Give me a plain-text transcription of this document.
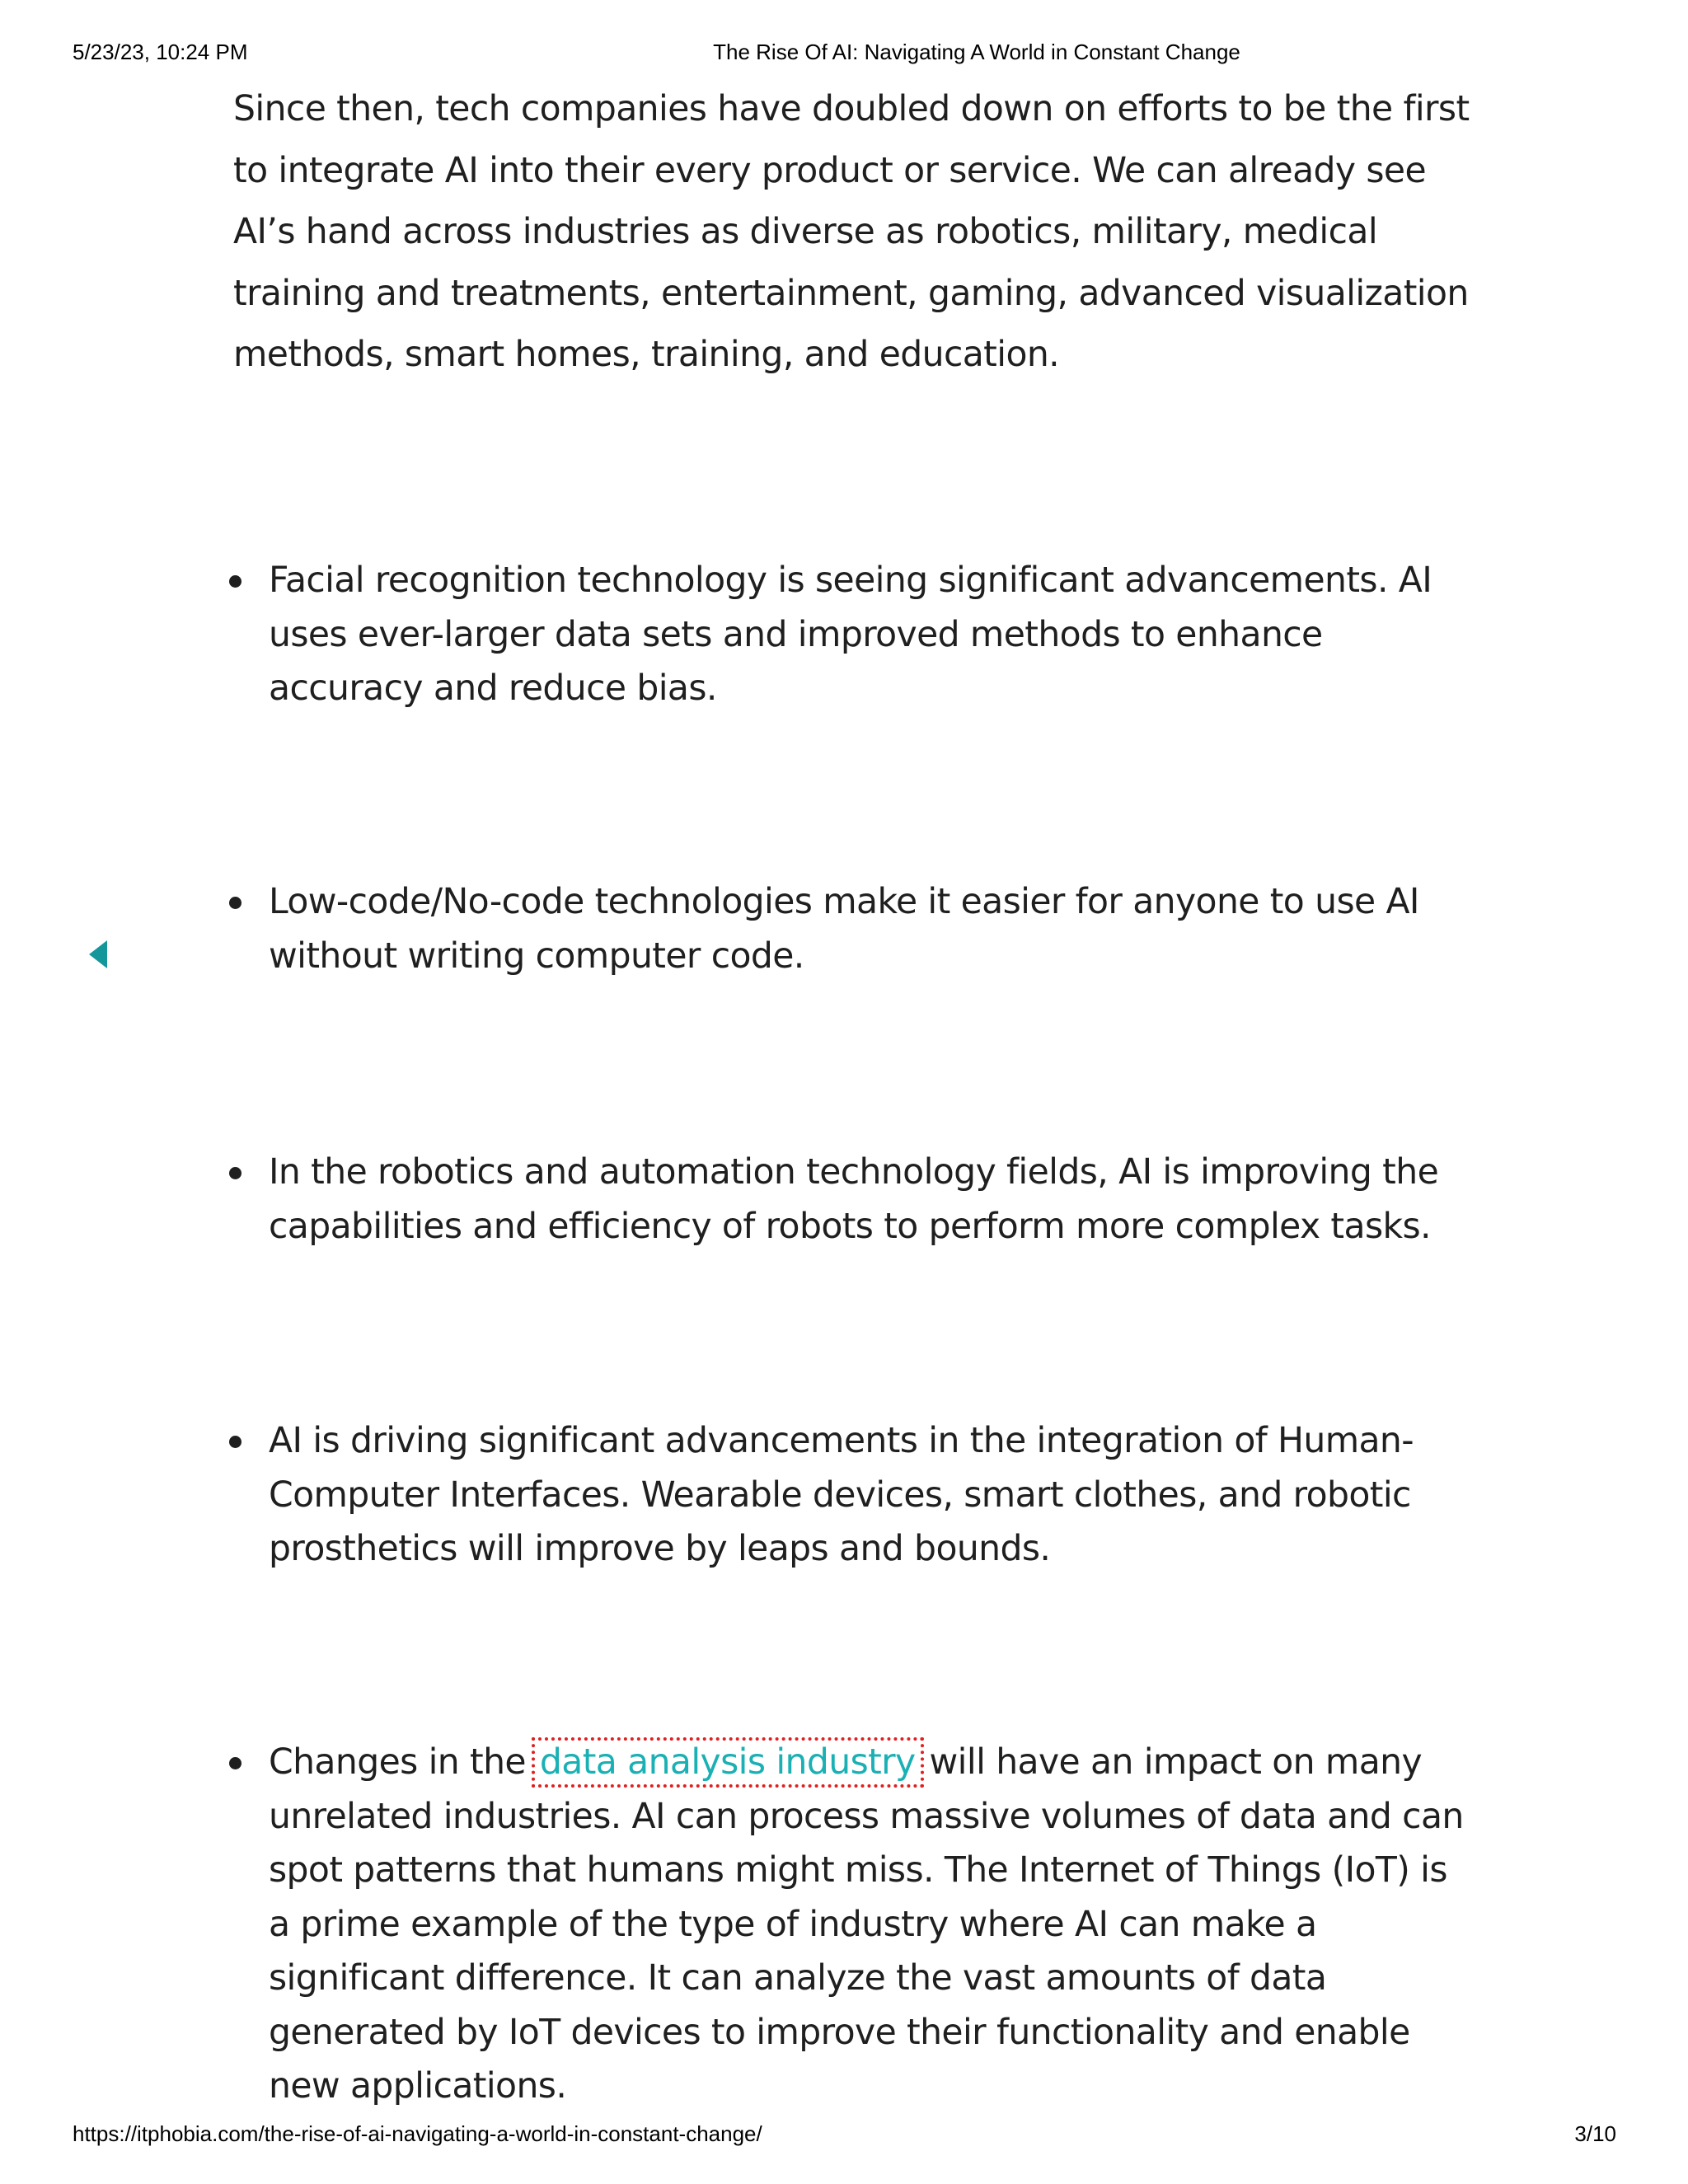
5/23/23, 10:24 PM	The Rise Of AI: Navigating A World in Constant Change

Since then, tech companies have doubled down on efforts to be the first to integrate AI into their every product or service. We can already see AI’s hand across industries as diverse as robotics, military, medical training and treatments, entertainment, gaming, advanced visualization methods, smart homes, training, and education.

Facial recognition technology is seeing significant advancements. AI uses ever-larger data sets and improved methods to enhance accuracy and reduce bias.
Low-code/No-code technologies make it easier for anyone to use AI without writing computer code.
In the robotics and automation technology fields, AI is improving the capabilities and efficiency of robots to perform more complex tasks.
AI is driving significant advancements in the integration of Human-Computer Interfaces. Wearable devices, smart clothes, and robotic prosthetics will improve by leaps and bounds.
Changes in the data analysis industry will have an impact on many unrelated industries. AI can process massive volumes of data and can spot patterns that humans might miss. The Internet of Things (IoT) is a prime example of the type of industry where AI can make a significant difference. It can analyze the vast amounts of data generated by IoT devices to improve their functionality and enable new applications.
https://itphobia.com/the-rise-of-ai-navigating-a-world-in-constant-change/	3/10
